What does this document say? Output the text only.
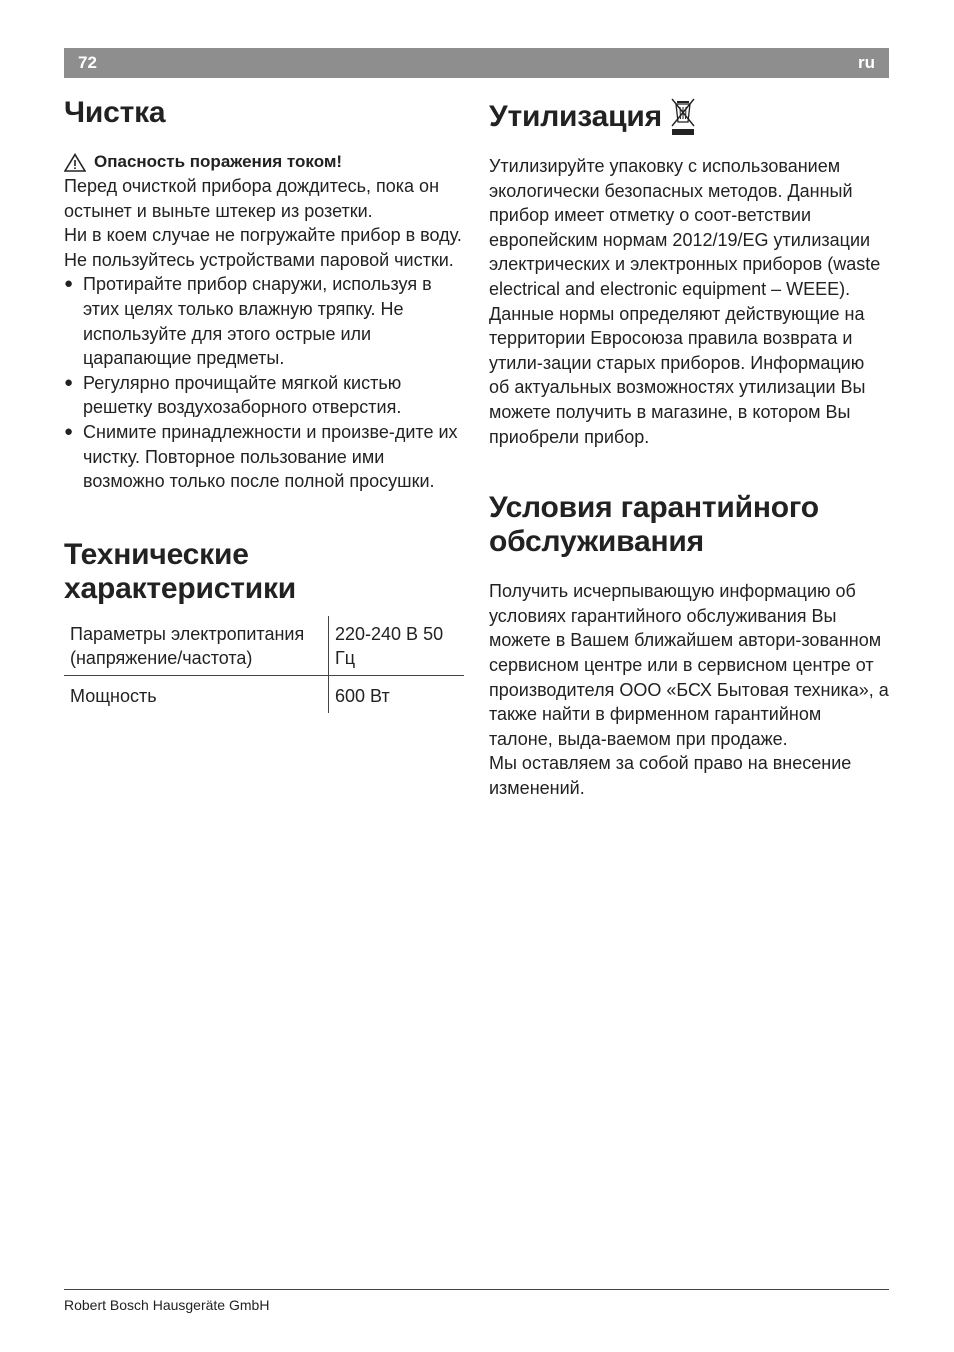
72	ru
Чистка
Опасность поражения током!

Перед очисткой прибора дождитесь, пока он остынет и выньте штекер из розетки.

Ни в коем случае не погружайте прибор в воду.

Не пользуйтесь устройствами паровой чистки.

● Протирайте прибор снаружи, используя в этих целях только влажную тряпку. Не используйте для этого острые или царапающие предметы.
● Регулярно прочищайте мягкой кистью решетку воздухозаборного отверстия.
● Снимите принадлежности и произве-дите их чистку. Повторное пользование ими возможно только после полной просушки.
Технические характеристики
Параметры электропитания (напряжение/частота)	220-240 В 50 Гц
Мощность	600 Вт
Утилизация

Утилизируйте упаковку с использованием экологически безопасных методов. Данный прибор имеет отметку о соот-ветствии европейским нормам 2012/19/EG утилизации электрических и электронных приборов (waste electrical and electronic equipment – WEEE). Данные нормы определяют действующие на территории Евросоюза правила возврата и утили-зации старых приборов. Информацию об актуальных возможностях утилизации Вы можете получить в магазине, в котором Вы приобрели прибор.

Условия гарантийного обслуживания

Получить исчерпывающую информацию об условиях гарантийного обслуживания Вы можете в Вашем ближайшем автори-зованном сервисном центре или в сервисном центре от производителя ООО «БСХ Бытовая техника», а также найти в фирменном гарантийном талоне, выда-ваемом при продаже.

Мы оставляем за собой право на внесение изменений.

Robert Bosch Hausgeräte GmbH
